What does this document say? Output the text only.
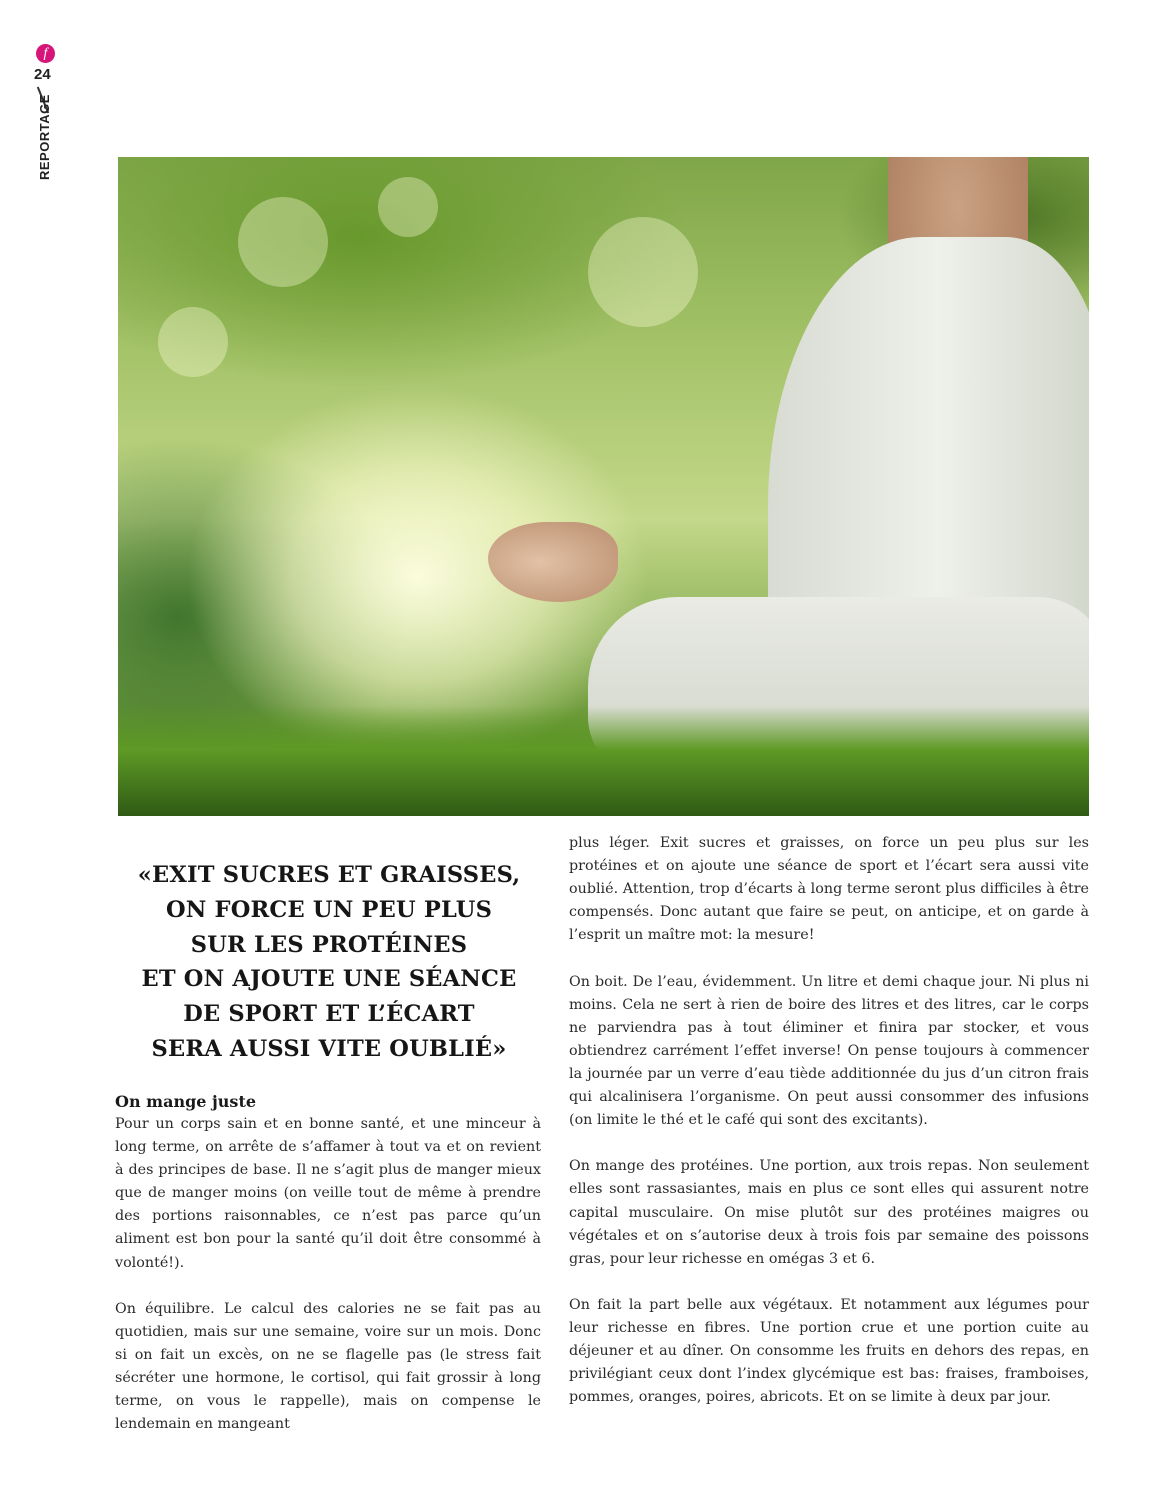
f
24
REPORTAGE
«EXIT SUCRES ET GRAISSES,
ON FORCE UN PEU PLUS
SUR LES PROTÉINES
ET ON AJOUTE UNE SÉANCE
DE SPORT ET L’ÉCART
SERA AUSSI VITE OUBLIÉ»
On mange juste

Pour un corps sain et en bonne santé, et une minceur à long terme, on arrête de s’affamer à tout va et on revient à des principes de base. Il ne s’agit plus de manger mieux que de manger moins (on veille tout de même à prendre des portions raisonnables, ce n’est pas parce qu’un aliment est bon pour la santé qu’il doit être consommé à volonté!).

On équilibre. Le calcul des calories ne se fait pas au quotidien, mais sur une semaine, voire sur un mois. Donc si on fait un excès, on ne se flagelle pas (le stress fait sécréter une hormone, le cortisol, qui fait grossir à long terme, on vous le rappelle), mais on compense le lendemain en mangeant

plus léger. Exit sucres et graisses, on force un peu plus sur les protéines et on ajoute une séance de sport et l’écart sera aussi vite oublié. Attention, trop d’écarts à long terme seront plus difficiles à être compensés. Donc autant que faire se peut, on anticipe, et on garde à l’esprit un maître mot: la mesure!

On boit. De l’eau, évidemment. Un litre et demi chaque jour. Ni plus ni moins. Cela ne sert à rien de boire des litres et des litres, car le corps ne parviendra pas à tout éliminer et finira par stocker, et vous obtiendrez carrément l’effet inverse! On pense toujours à commencer la journée par un verre d’eau tiède additionnée du jus d’un citron frais qui alcalinisera l’organisme. On peut aussi consommer des infusions (on limite le thé et le café qui sont des excitants).

On mange des protéines. Une portion, aux trois repas. Non seulement elles sont rassasiantes, mais en plus ce sont elles qui assurent notre capital musculaire. On mise plutôt sur des protéines maigres ou végétales et on s’autorise deux à trois fois par semaine des poissons gras, pour leur richesse en omégas 3 et 6.

On fait la part belle aux végétaux. Et notamment aux légumes pour leur richesse en fibres. Une portion crue et une portion cuite au déjeuner et au dîner. On consomme les fruits en dehors des repas, en privilégiant ceux dont l’index glycémique est bas: fraises, framboises, pommes, oranges, poires, abricots. Et on se limite à deux par jour.
